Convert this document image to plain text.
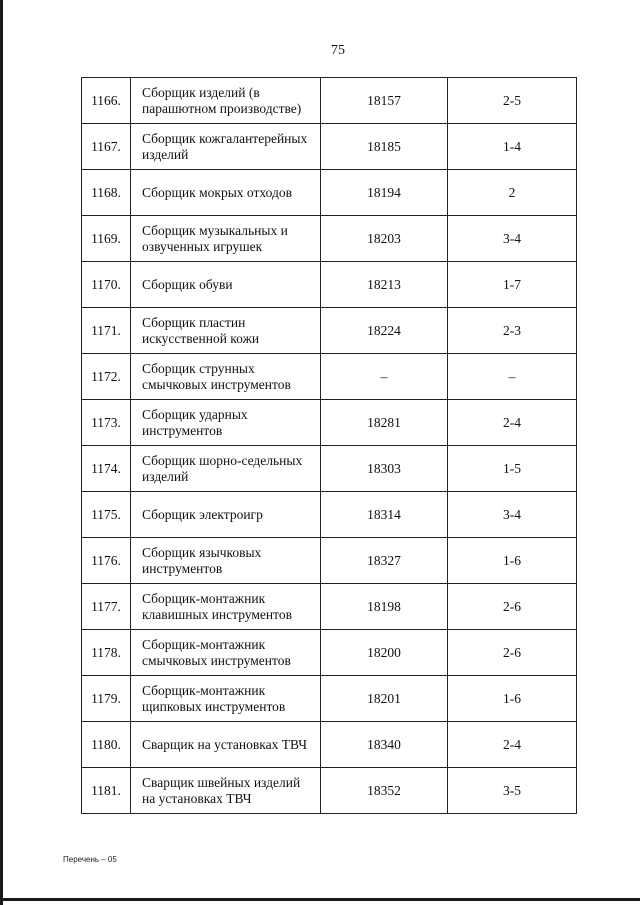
75
1166.	Сборщик изделий (в парашютном производстве)	18157	2-5
1167.	Сборщик кожгалантерейных изделий	18185	1-4
1168.	Сборщик мокрых отходов	18194	2
1169.	Сборщик музыкальных и озвученных игрушек	18203	3-4
1170.	Сборщик обуви	18213	1-7
1171.	Сборщик пластин искусственной кожи	18224	2-3
1172.	Сборщик струнных смычковых инструментов	–	–
1173.	Сборщик ударных инструментов	18281	2-4
1174.	Сборщик шорно-седельных изделий	18303	1-5
1175.	Сборщик электроигр	18314	3-4
1176.	Сборщик язычковых инструментов	18327	1-6
1177.	Сборщик-монтажник клавишных инструментов	18198	2-6
1178.	Сборщик-монтажник смычковых инструментов	18200	2-6
1179.	Сборщик-монтажник щипковых инструментов	18201	1-6
1180.	Сварщик на установках ТВЧ	18340	2-4
1181.	Сварщик швейных изделий на установках ТВЧ	18352	3-5
Перечень – 05
